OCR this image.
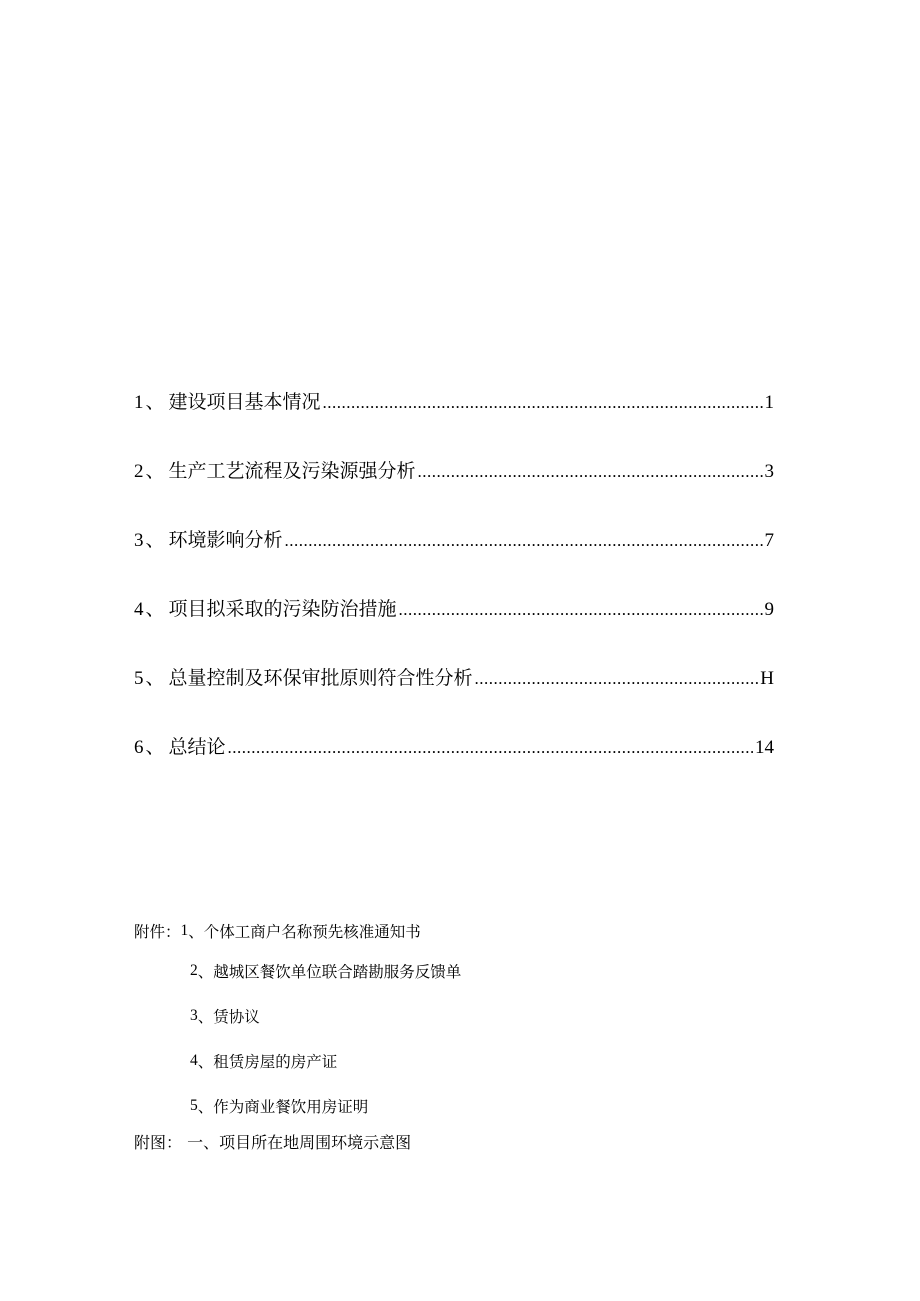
1 、 建设项目基本情况 .....	1
2 、 生产工艺流程及污染源强分析 .....	3
3 、 环境影响分析 .....	7
4 、 项目拟采取的污染防治措施 .....	9
5 、 总量控制及环保审批原则符合性分析 .....	H
6 、 总结论 .....	14
附件： 1 、 个体工商户名称预先核准通知书
2 、 越城区餐饮单位联合踏勘服务反馈单
3 、 赁协议
4 、 租赁房屋的房产证
5 、 作为商业餐饮用房证明
附图： 一、项目所在地周围环境示意图
